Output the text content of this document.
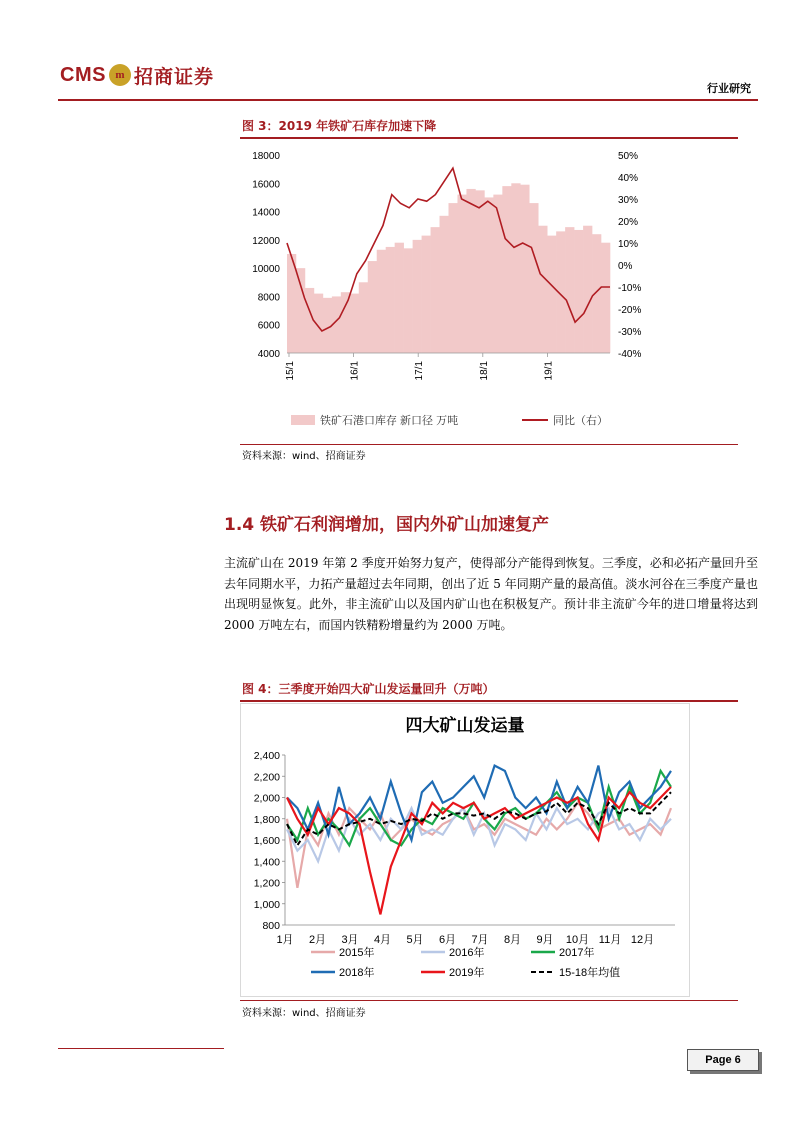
CMS m 招商证券
行业研究
图 3：2019 年铁矿石库存加速下降
18000
16000
14000
12000
10000
8000
6000
4000
50%
40%
30%
20%
10%
0%
-10%
-20%
-30%
-40%
15/1	16/1	17/1	18/1	19/1
铁矿石港口库存 新口径 万吨	同比（右）
资料来源：wind、招商证券
1.4 铁矿石利润增加，国内外矿山加速复产
主流矿山在 2019 年第 2 季度开始努力复产，使得部分产能得到恢复。三季度，必和必拓产量回升至去年同期水平，力拓产量超过去年同期，创出了近 5 年同期产量的最高值。淡水河谷在三季度产量也出现明显恢复。此外，非主流矿山以及国内矿山也在积极复产。预计非主流矿今年的进口增量将达到 2000 万吨左右，而国内铁精粉增量约为 2000 万吨。
图 4：三季度开始四大矿山发运量回升（万吨）
四大矿山发运量
2,400
2,200
2,000
1,800
1,600
1,400
1,200
1,000
800
1月 2月 3月 4月 5月 6月 7月 8月 9月 10月 11月 12月
2015年	2016年	2017年
2018年	2019年	15-18年均值
资料来源：wind、招商证券
Page 6
